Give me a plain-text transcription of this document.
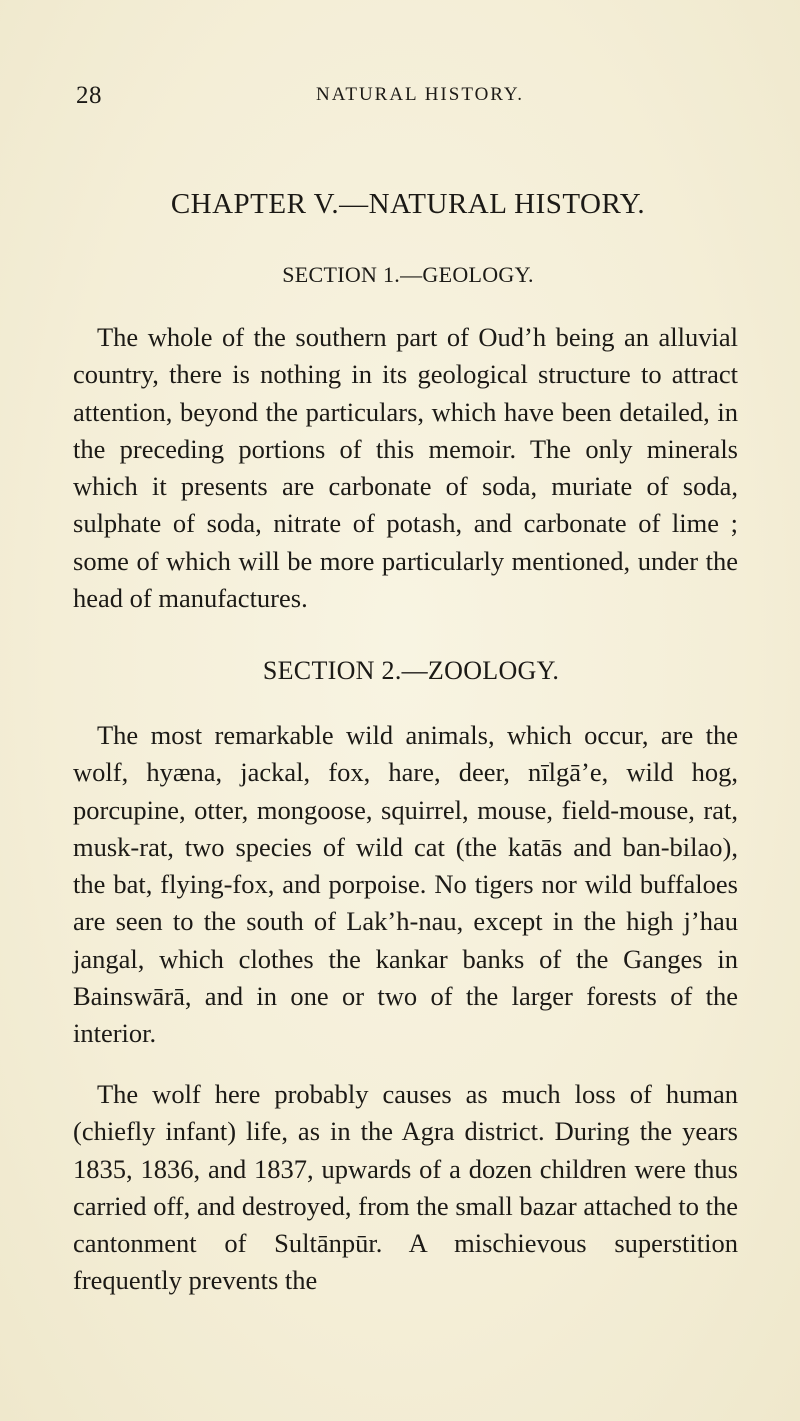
28	NATURAL HISTORY.
CHAPTER V.—NATURAL HISTORY.
SECTION 1.—GEOLOGY.

The whole of the southern part of Oud’h being an alluvial country, there is nothing in its geological structure to attract attention, beyond the particulars, which have been detailed, in the preceding portions of this memoir. The only minerals which it presents are carbonate of soda, muriate of soda, sulphate of soda, nitrate of potash, and carbonate of lime ; some of which will be more particularly mentioned, under the head of manufactures.

SECTION 2.—ZOOLOGY.

The most remarkable wild animals, which occur, are the wolf, hyæna, jackal, fox, hare, deer, nīlgā’e, wild hog, porcupine, otter, mongoose, squirrel, mouse, field-mouse, rat, musk-rat, two species of wild cat (the katās and ban-bilao), the bat, flying-fox, and porpoise. No tigers nor wild buffaloes are seen to the south of Lak’h-nau, except in the high j’hau jangal, which clothes the kankar banks of the Ganges in Bainswārā, and in one or two of the larger forests of the interior.

The wolf here probably causes as much loss of human (chiefly infant) life, as in the Agra district. During the years 1835, 1836, and 1837, upwards of a dozen children were thus carried off, and destroyed, from the small bazar attached to the cantonment of Sultānpūr. A mischievous superstition frequently prevents the
